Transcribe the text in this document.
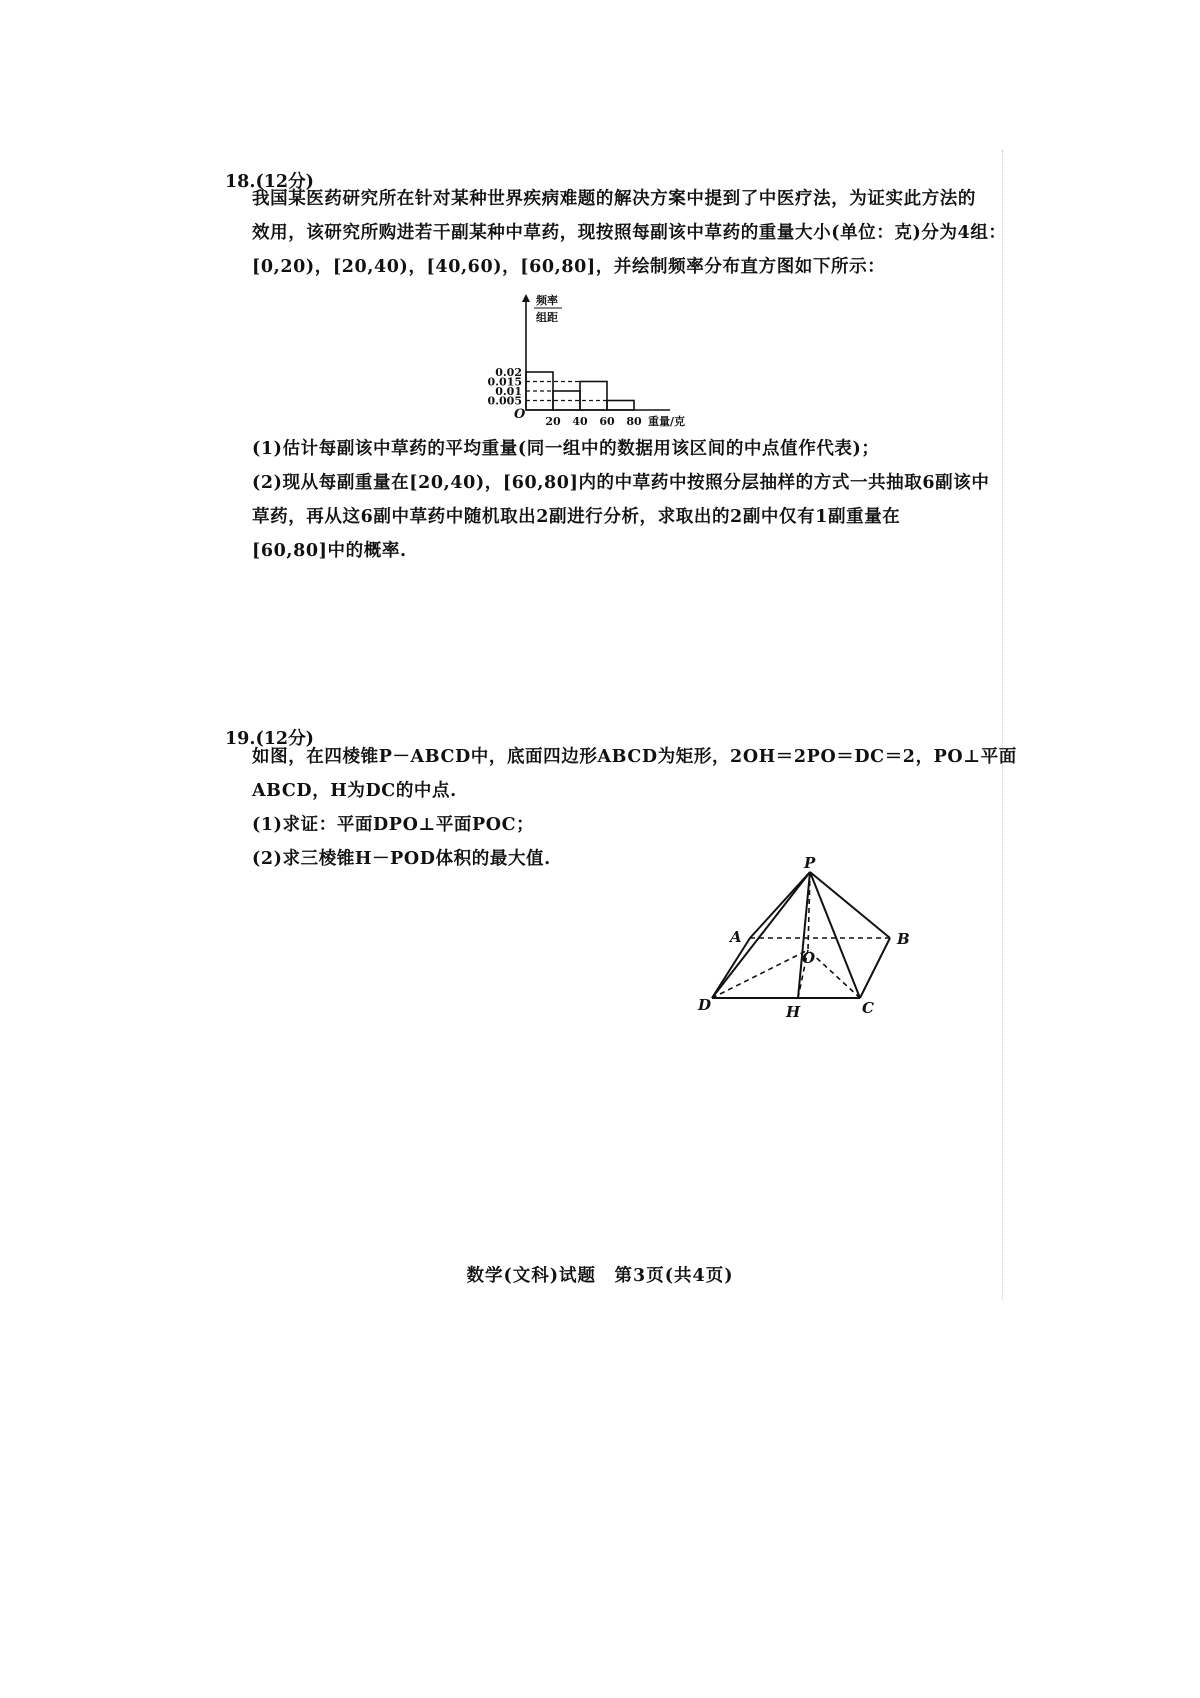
18.(12分)
我国某医药研究所在针对某种世界疾病难题的解决方案中提到了中医疗法，为证实此方法的
效用，该研究所购进若干副某种中草药，现按照每副该中草药的重量大小(单位：克)分为4组：
[0,20)，[20,40)，[40,60)，[60,80]，并绘制频率分布直方图如下所示：
0.02
0.015
0.01
0.005
20 40 60 80
O	重量/克
频率
组距
(1)估计每副该中草药的平均重量(同一组中的数据用该区间的中点值作代表)；
(2)现从每副重量在[20,40)，[60,80]内的中草药中按照分层抽样的方式一共抽取6副该中
草药，再从这6副中草药中随机取出2副进行分析，求取出的2副中仅有1副重量在
[60,80]中的概率.
19.(12分)
如图，在四棱锥P－ABCD中，底面四边形ABCD为矩形，2OH＝2PO＝DC＝2，PO⊥平面
ABCD，H为DC的中点.
(1)求证：平面DPO⊥平面POC；
(2)求三棱锥H－POD体积的最大值.	P
A	B
D	C
O
H
数学(文科)试题　第3页(共4页)
